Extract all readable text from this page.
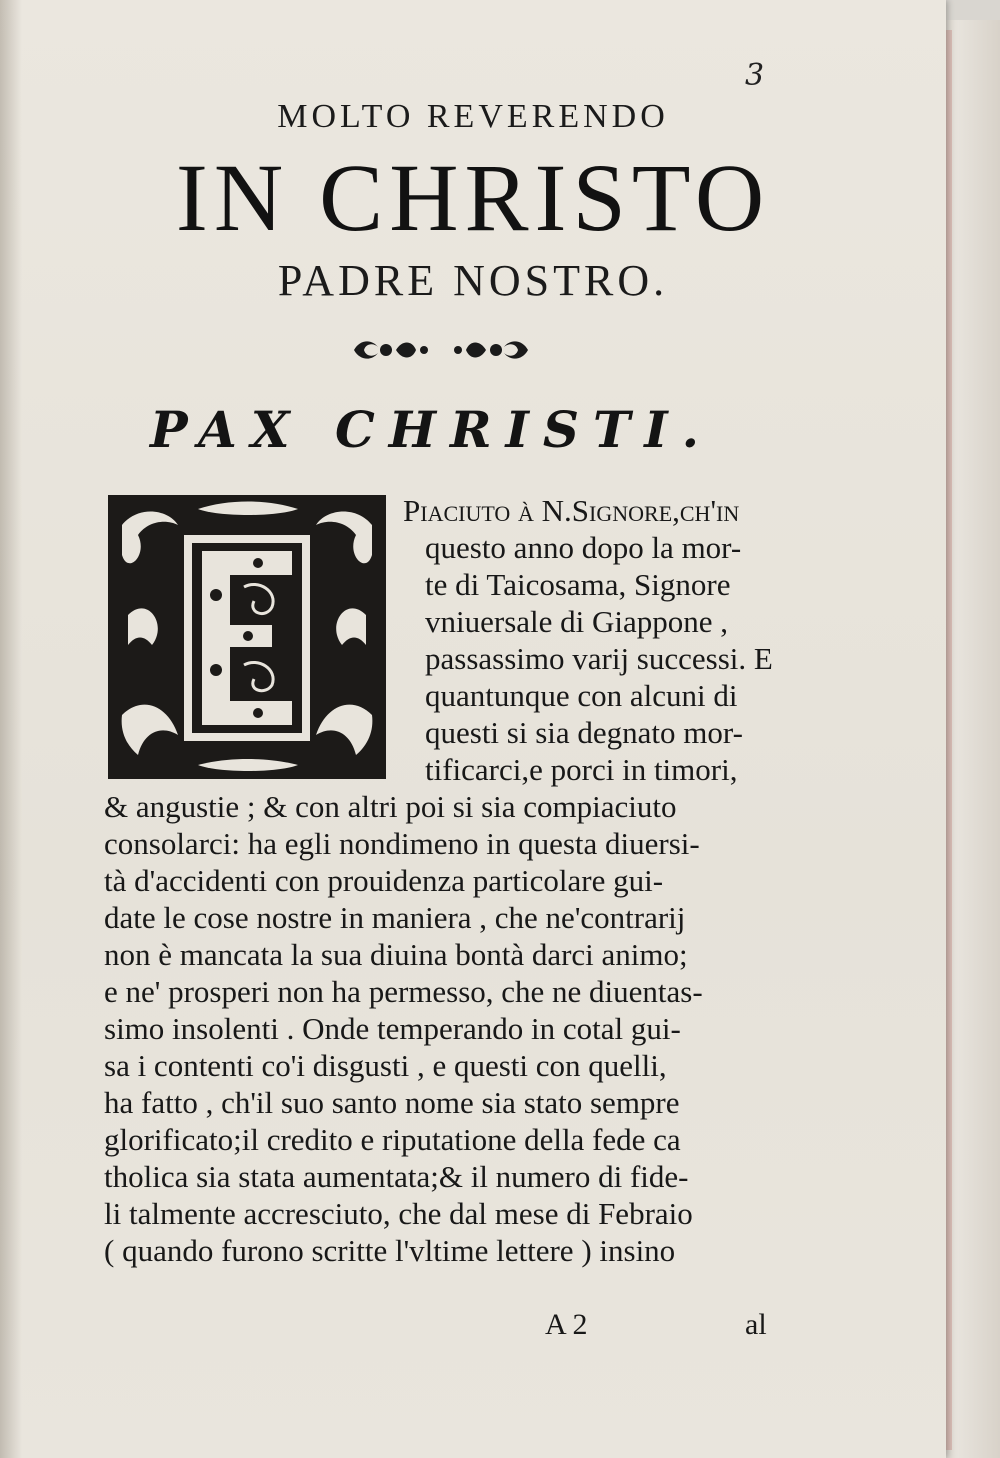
3
MOLTO REVERENDO
IN CHRISTO
PADRE NOSTRO.
PAX CHRISTI.

Piaciuto à N.Signore,ch'in

questo anno dopo la mor-

te di Taicosama, Signore

vniuersale di Giappone ,

passassimo varij successi. E

quantunque con alcuni di

questi si sia degnato mor-

tificarci,e porci in timori,

& angustie ; & con altri poi si sia compiaciuto

consolarci: ha egli nondimeno in questa diuersi-

tà d'accidenti con prouidenza particolare gui-

date le cose nostre in maniera , che ne'contrarij

non è mancata la sua diuina bontà darci animo;

e ne' prosperi non ha permesso, che ne diuentas-

simo insolenti . Onde temperando in cotal gui-

sa i contenti co'i disgusti , e questi con quelli,

ha fatto , ch'il suo santo nome sia stato sempre

glorificato;il credito e riputatione della fede ca

tholica sia stata aumentata;& il numero di fide-

li talmente accresciuto, che dal mese di Febraio

( quando furono scritte l'vltime lettere ) insino

A 2	al
